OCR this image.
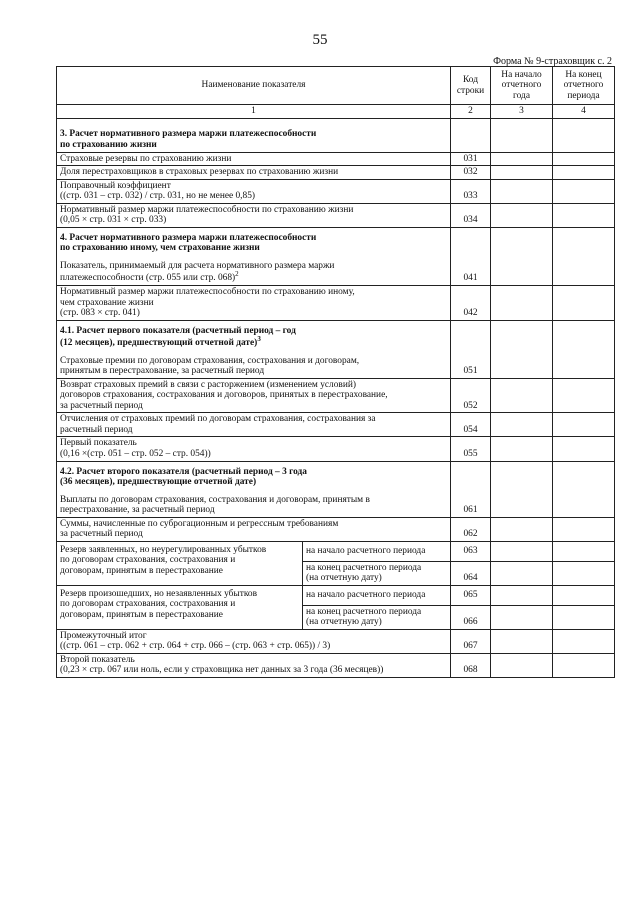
55
Форма № 9-страховщик с. 2
Наименование показателя		Код строки	На начало отчетного года	На конец отчетного периода
1		2	3	4

3. Расчет нормативного размера маржи платежеспособности
по страхованию жизни				

Страховые резервы по страхованию жизни		031		
Доля перестраховщиков в страховых резервах по страхованию жизни		032		

Поправочный коэффициент
((стр. 031 – стр. 032) / стр. 031, но не менее 0,85)		033		

Нормативный размер маржи платежеспособности по страхованию жизни
(0,05 × стр. 031 × стр. 033)		034		

4. Расчет нормативного размера маржи платежеспособности
по страхованию иному, чем страхование жизни
Показатель, принимаемый для расчета нормативного размера маржи
платежеспособности (стр. 055 или стр. 068)$^2$		041		

Нормативный размер маржи платежеспособности по страхованию иному,
чем страхование жизни
(стр. 083 × стр. 041)		042		

4.1. Расчет первого показателя (расчетный период – год
(12 месяцев), предшествующий отчетной дате)$^3$
Страховые премии по договорам страхования, сострахования и договорам,
принятым в перестрахование, за расчетный период		051		

Возврат страховых премий в связи с расторжением (изменением условий)
договоров страхования, сострахования и договоров, принятых в перестрахование,
за расчетный период		052		

Отчисления от страховых премий по договорам страхования, сострахования за
расчетный период		054		

Первый показатель
(0,16 ×(стр. 051 – стр. 052 – стр. 054))		055		

4.2. Расчет второго показателя (расчетный период – 3 года
(36 месяцев), предшествующие отчетной дате)
Выплаты по договорам страхования, сострахования и договорам, принятым в
перестрахование, за расчетный период		061		

Суммы, начисленные по суброгационным и регрессным требованиям
за расчетный период		062		

Резерв заявленных, но неурегулированных убытков
по договорам страхования, сострахования и
договорам, принятым в перестрахование	на начало расчетного периода	063		

	на конец расчетного периода
(на отчетную дату)	064		

Резерв произошедших, но незаявленных убытков
по договорам страхования, сострахования и
договорам, принятым в перестрахование	на начало расчетного периода	065		

	на конец расчетного периода
(на отчетную дату)	066		

Промежуточный итог
((стр. 061 – стр. 062 + стр. 064 + стр. 066 – (стр. 063 + стр. 065)) / 3)		067		

Второй показатель
(0,23 × стр. 067 или ноль, если у страховщика нет данных за 3 года (36 месяцев))		068		
